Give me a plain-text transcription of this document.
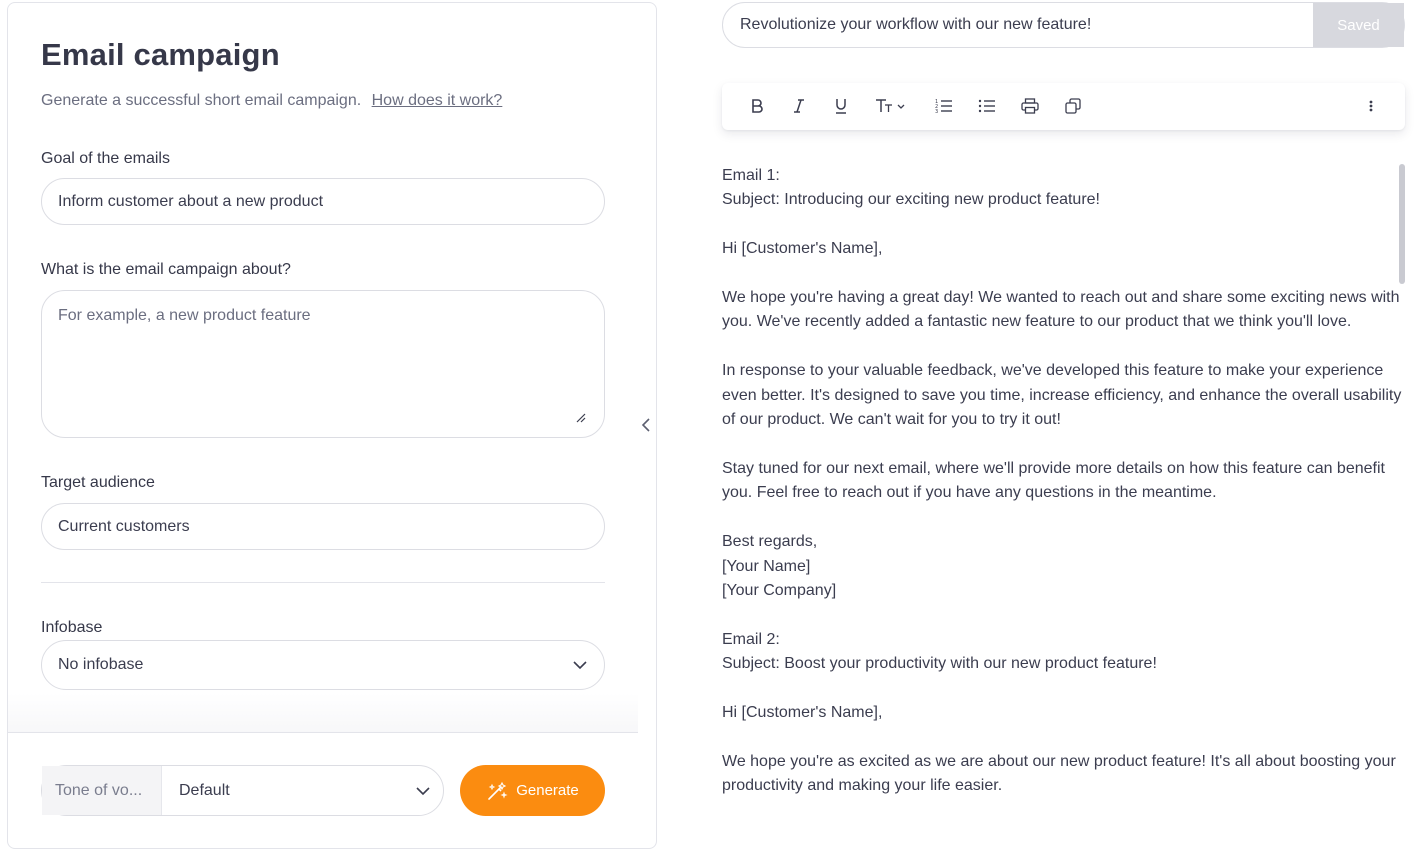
Email campaign
Generate a successful short email campaign. How does it work?
Goal of the emails
Inform customer about a new product
What is the email campaign about?
For example, a new product feature
Target audience
Current customers
Infobase
No infobase
Tone of vo...	Default	Generate
Revolutionize your workflow with our new feature!	Saved
1
2
3

Email 1:
Subject: Introducing our exciting new product feature!

Hi [Customer's Name],

We hope you're having a great day! We wanted to reach out and share some exciting news with you. We've recently added a fantastic new feature to our product that we think you'll love.

In response to your valuable feedback, we've developed this feature to make your experience even better. It's designed to save you time, increase efficiency, and enhance the overall usability of our product. We can't wait for you to try it out!

Stay tuned for our next email, where we'll provide more details on how this feature can benefit you. Feel free to reach out if you have any questions in the meantime.

Best regards,
[Your Name]
[Your Company]

Email 2:
Subject: Boost your productivity with our new product feature!

Hi [Customer's Name],

We hope you're as excited as we are about our new product feature! It's all about boosting your productivity and making your life easier.
